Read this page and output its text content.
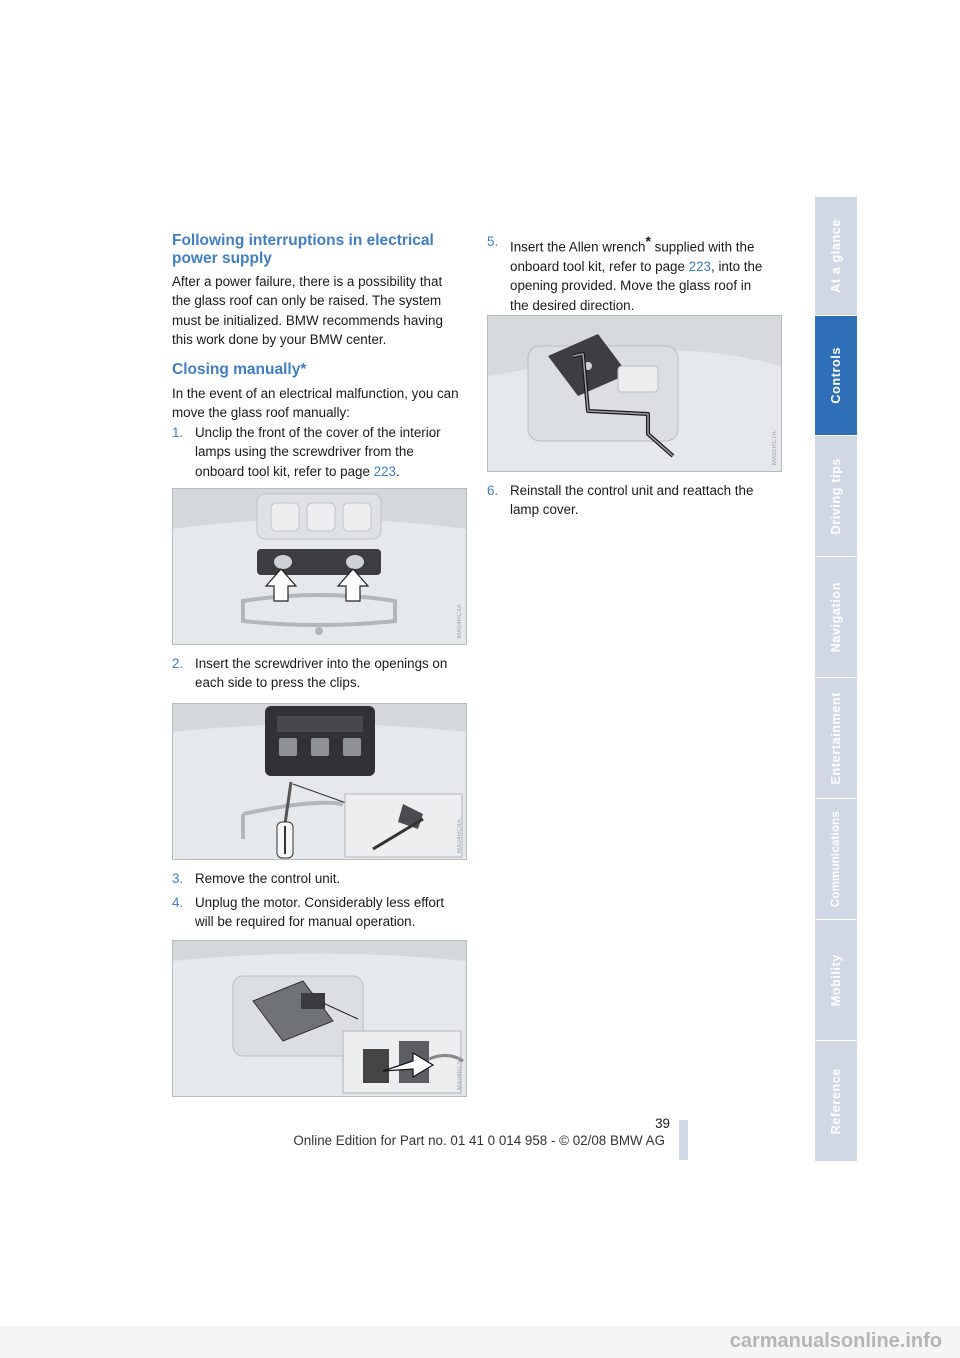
Following interruptions in electrical
power supply

After a power failure, there is a possibility that
the glass roof can only be raised. The system
must be initialized. BMW recommends having
this work done by your BMW center.

Closing manually*

In the event of an electrical malfunction, you can
move the glass roof manually:

1. Unclip the front of the cover of the interior
lamps using the screwdriver from the
onboard tool kit, refer to page 223.
MA04RC3A
2. Insert the screwdriver into the openings on
each side to press the clips.
MA04RC4A
3. Remove the control unit.
4. Unplug the motor. Considerably less effort
will be required for manual operation.
MA04RC5A
5. Insert the Allen wrench* supplied with the
onboard tool kit, refer to page 223, into the
opening provided. Move the glass roof in
the desired direction.
MA01RC7A
6. Reinstall the control unit and reattach the
lamp cover.
At a glance
Controls
Driving tips
Navigation
Entertainment
Communications
Mobility
Reference
39
Online Edition for Part no. 01 41 0 014 958 - © 02/08 BMW AG
carmanualsonline.info
